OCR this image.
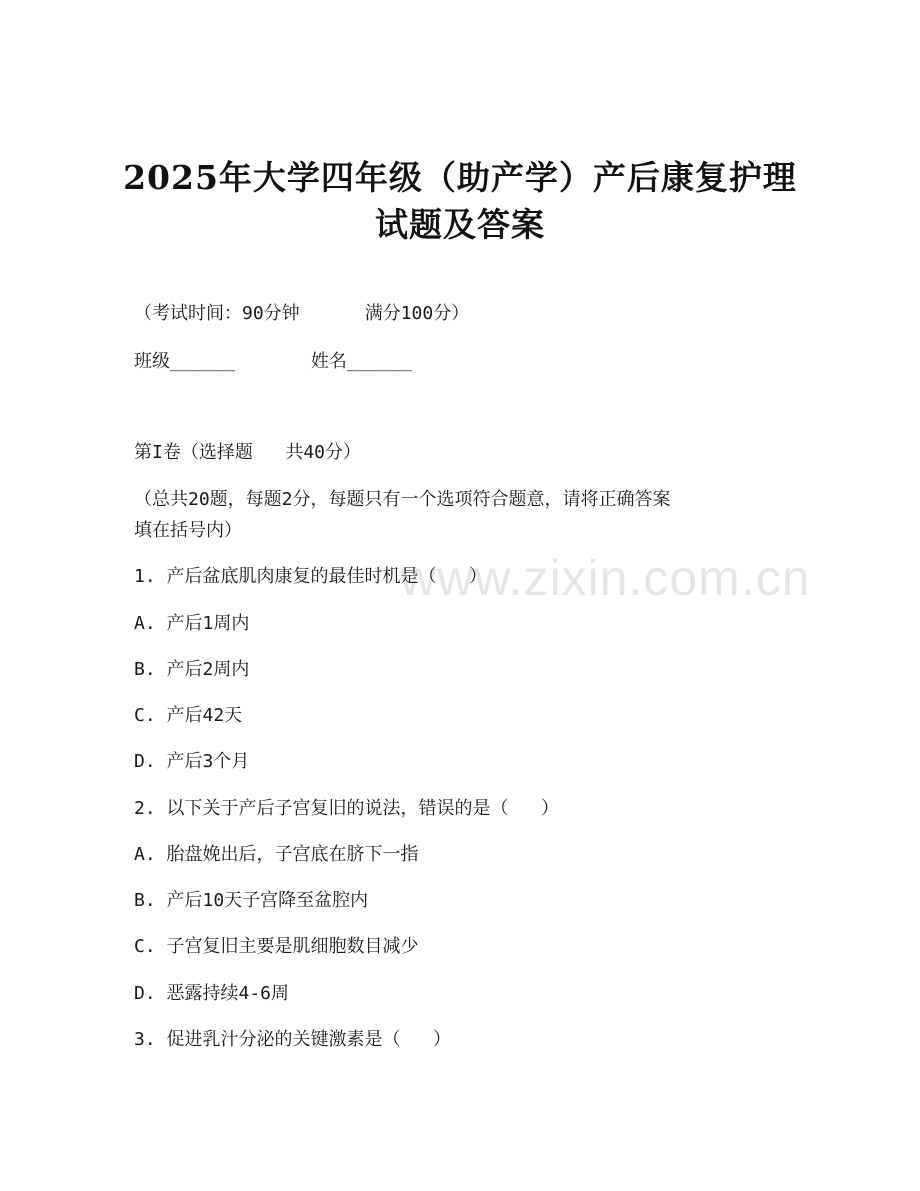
2025年大学四年级（助产学）产后康复护理
试题及答案
（考试时间：90分钟      满分100分）
班级______       姓名______
第I卷（选择题   共40分）
（总共20题，每题2分，每题只有一个选项符合题意，请将正确答案
填在括号内）
1. 产后盆底肌肉康复的最佳时机是（   ）
A. 产后1周内
B. 产后2周内
C. 产后42天
D. 产后3个月
2. 以下关于产后子宫复旧的说法，错误的是（   ）
A. 胎盘娩出后，子宫底在脐下一指
B. 产后10天子宫降至盆腔内
C. 子宫复旧主要是肌细胞数目减少
D. 恶露持续4-6周
3. 促进乳汁分泌的关键激素是（   ）
www.zixin.com.cn
